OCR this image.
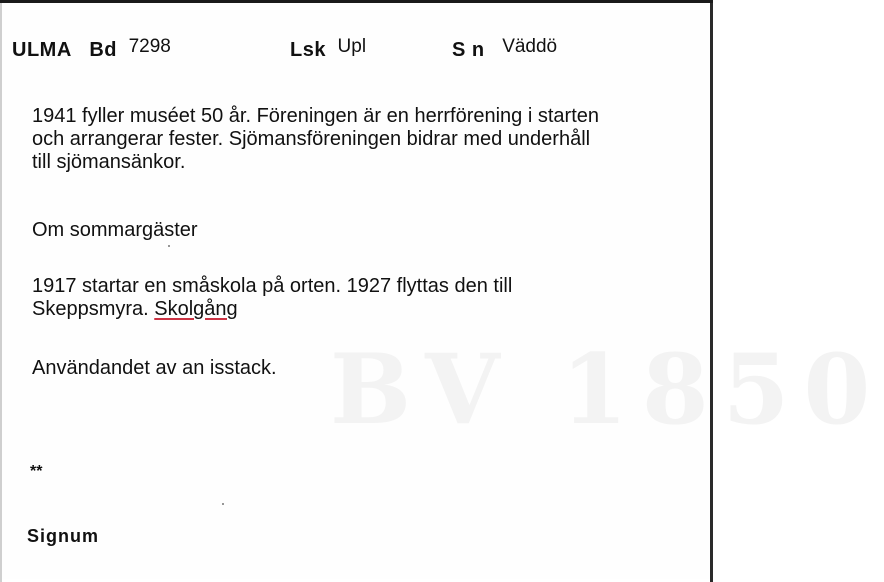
BV 1850
ULMA Bd 7298	Lsk Upl	S n Väddö
1941 fyller muséet 50 år. Föreningen är en herrförening i starten
och arrangerar fester. Sjömansföreningen bidrar med underhåll
till sjömansänkor.
Om sommargäster
1917 startar en småskola på orten. 1927 flyttas den till
Skeppsmyra. Skolgång
Användandet av an isstack.
**
Signum
